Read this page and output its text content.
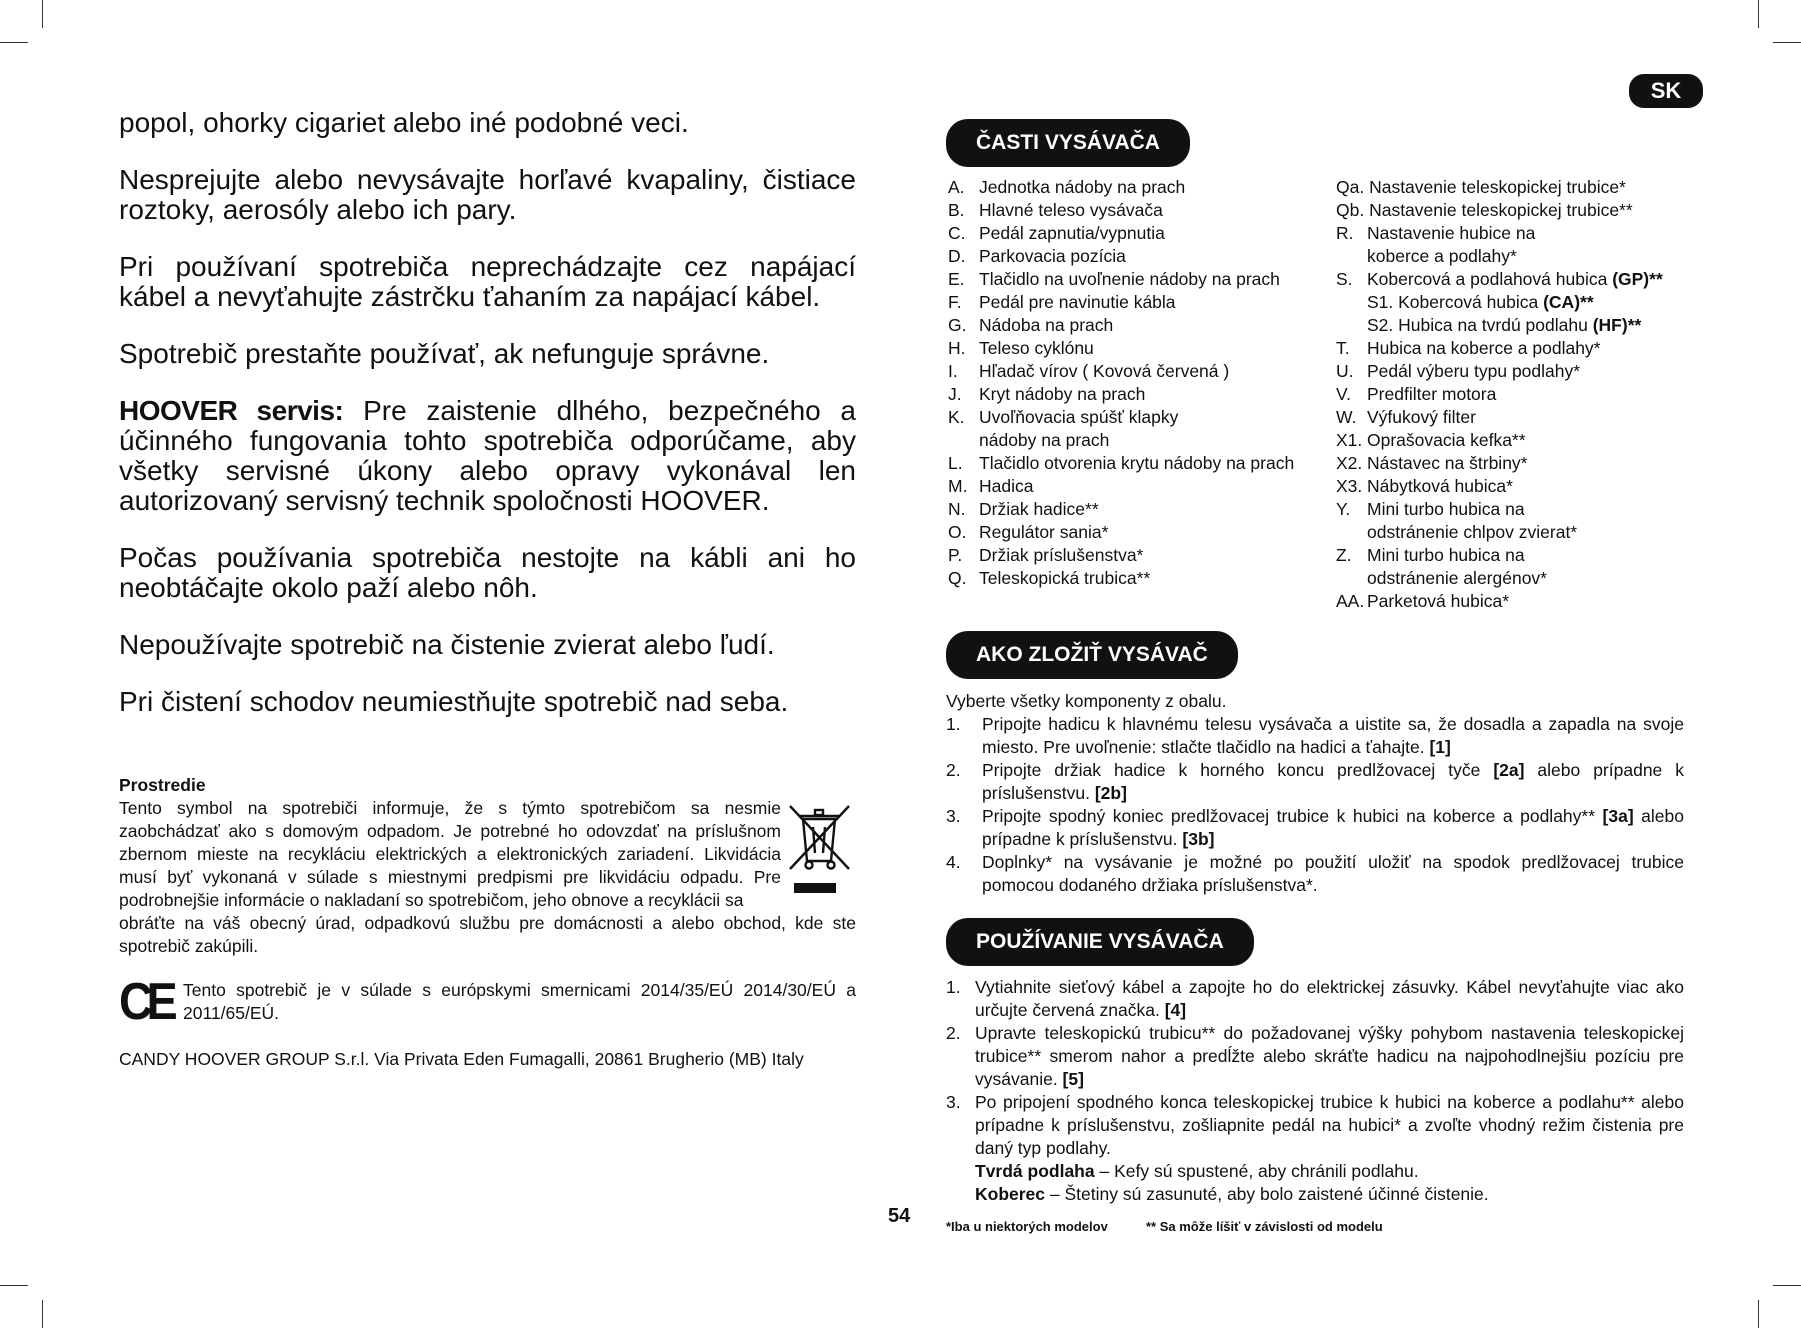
SK

popol, ohorky cigariet alebo iné podobné veci.

Nesprejujte alebo nevysávajte horľavé kvapaliny, čistiace roztoky, aerosóly alebo ich pary.

Pri používaní spotrebiča neprechádzajte cez napájací kábel a nevyťahujte zástrčku ťahaním za napájací kábel.

Spotrebič prestaňte používať, ak nefunguje správne.

HOOVER servis: Pre zaistenie dlhého, bezpečného a účinného fungovania tohto spotrebiča odporúčame, aby všetky servisné úkony alebo opravy vykonával len autorizovaný servisný technik spoločnosti HOOVER.

Počas používania spotrebiča nestojte na kábli ani ho neobtáčajte okolo paží alebo nôh.

Nepoužívajte spotrebič na čistenie zvierat alebo ľudí.

Pri čistení schodov neumiestňujte spotrebič nad seba.

Prostredie
Tento symbol na spotrebiči informuje, že s týmto spotrebičom sa nesmie zaobchádzať ako s domovým odpadom. Je potrebné ho odovzdať na príslušnom zbernom mieste na recykláciu elektrických a elektronických zariadení. Likvidácia musí byť vykonaná v súlade s miestnymi predpismi pre likvidáciu odpadu. Pre podrobnejšie informácie o nakladaní so spotrebičom, jeho obnove a recyklácii sa
obráťte na váš obecný úrad, odpadkovú službu pre domácnosti a alebo obchod, kde ste spotrebič zakúpili.
CE Tento spotrebič je v súlade s európskymi smernicami 2014/35/EÚ 2014/30/EÚ a 2011/65/EÚ.
CANDY HOOVER GROUP S.r.l. Via Privata Eden Fumagalli, 20861 Brugherio (MB) Italy
ČASTI VYSÁVAČA
A. Jednotka nádoby na prach
B. Hlavné teleso vysávača
C. Pedál zapnutia/vypnutia
D. Parkovacia pozícia
E. Tlačidlo na uvoľnenie nádoby na prach
F. Pedál pre navinutie kábla
G. Nádoba na prach
H. Teleso cyklónu
I.	Hľadač vírov ( Kovová červená )
J. Kryt nádoby na prach
K. Uvoľňovacia spúšť klapky
nádoby na prach
L. Tlačidlo otvorenia krytu nádoby na prach
M. Hadica
N. Držiak hadice**
O. Regulátor sania*
P. Držiak príslušenstva*
Q. Teleskopická trubica**
Qa. Nastavenie teleskopickej trubice*
Qb. Nastavenie teleskopickej trubice**
R. Nastavenie hubice na
koberce a podlahy*
S. Kobercová a podlahová hubica (GP)**
S1. Kobercová hubica (CA)**
S2. Hubica na tvrdú podlahu (HF)**
T. Hubica na koberce a podlahy*
U. Pedál výberu typu podlahy*
V. Predfilter motora
W. Výfukový filter
X1. Oprašovacia kefka**
X2. Nástavec na štrbiny*
X3. Nábytková hubica*
Y. Mini turbo hubica na
odstránenie chlpov zvierat*
Z. Mini turbo hubica na
odstránenie alergénov*
AA. Parketová hubica*
AKO ZLOŽIŤ VYSÁVAČ
Vyberte všetky komponenty z obalu.
1.	Pripojte hadicu k hlavnému telesu vysávača a uistite sa, že dosadla a zapadla na svoje miesto. Pre uvoľnenie: stlačte tlačidlo na hadici a ťahajte. [1]
2.	Pripojte držiak hadice k horného koncu predlžovacej tyče [2a] alebo prípadne k príslušenstvu. [2b]
3.	Pripojte spodný koniec predlžovacej trubice k hubici na koberce a podlahy** [3a] alebo prípadne k príslušenstvu. [3b]
4.	Doplnky* na vysávanie je možné po použití uložiť na spodok predlžovacej trubice pomocou dodaného držiaka príslušenstva*.
POUŽÍVANIE VYSÁVAČA
1. Vytiahnite sieťový kábel a zapojte ho do elektrickej zásuvky. Kábel nevyťahujte viac ako určujte červená značka. [4]
2. Upravte teleskopickú trubicu** do požadovanej výšky pohybom nastavenia teleskopickej trubice** smerom nahor a predĺžte alebo skráťte hadicu na najpohodlnejšiu pozíciu pre vysávanie. [5]
3. Po pripojení spodného konca teleskopickej trubice k hubici na koberce a podlahu** alebo prípadne k príslušenstvu, zošliapnite pedál na hubici* a zvoľte vhodný režim čistenia pre daný typ podlahy.
Tvrdá podlaha – Kefy sú spustené, aby chránili podlahu.
Koberec – Štetiny sú zasunuté, aby bolo zaistené účinné čistenie.
54	*Iba u niektorých modelov	** Sa môže líšiť v závislosti od modelu
